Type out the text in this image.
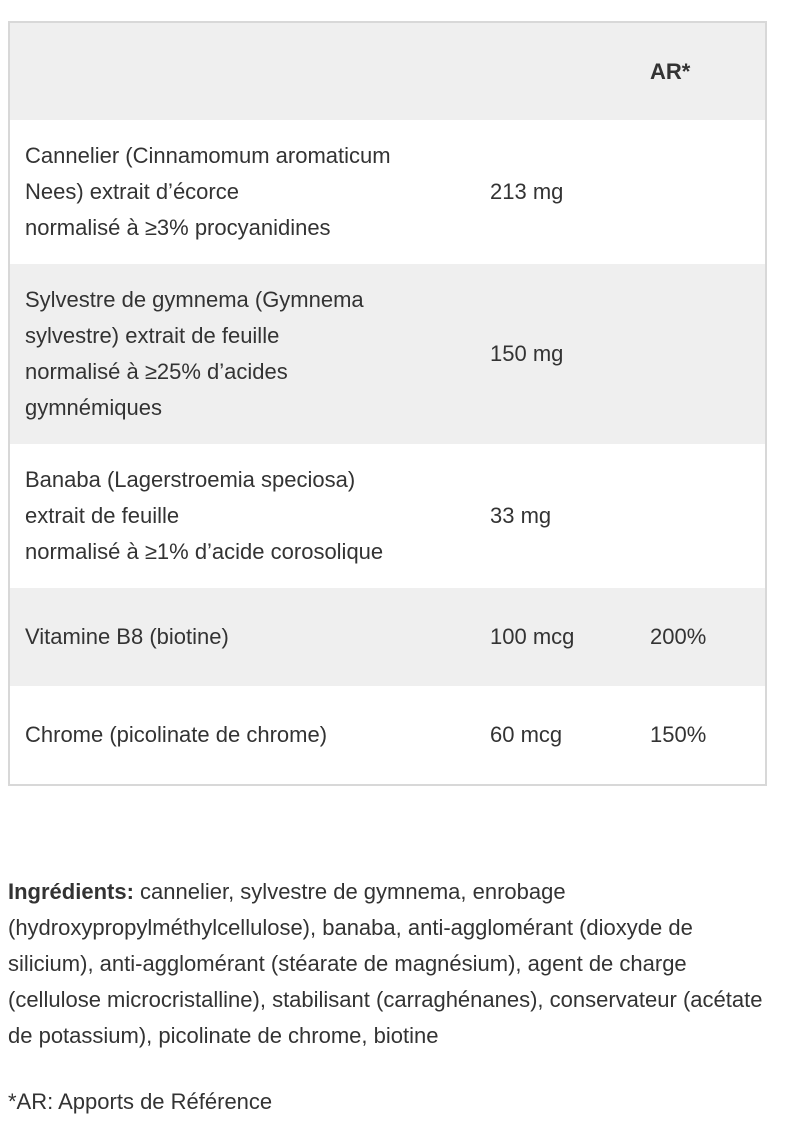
		AR*

Cannelier (Cinnamomum aromaticum
Nees) extrait d’écorce
normalisé à ≥3% procyanidines	213 mg	

Sylvestre de gymnema (Gymnema
sylvestre) extrait de feuille
normalisé à ≥25% d’acides
gymnémiques	150 mg	

Banaba (Lagerstroemia speciosa)
extrait de feuille
normalisé à ≥1% d’acide corosolique	33 mg	

Vitamine B8 (biotine)	100 mcg	200%

Chrome (picolinate de chrome)	60 mcg	150%

Ingrédients: cannelier, sylvestre de gymnema, enrobage (hydroxypropylméthylcellulose), banaba, anti-agglomérant (dioxyde de silicium), anti-agglomérant (stéarate de magnésium), agent de charge (cellulose microcristalline), stabilisant (carraghénanes), conservateur (acétate de potassium), picolinate de chrome, biotine

*AR: Apports de Référence
